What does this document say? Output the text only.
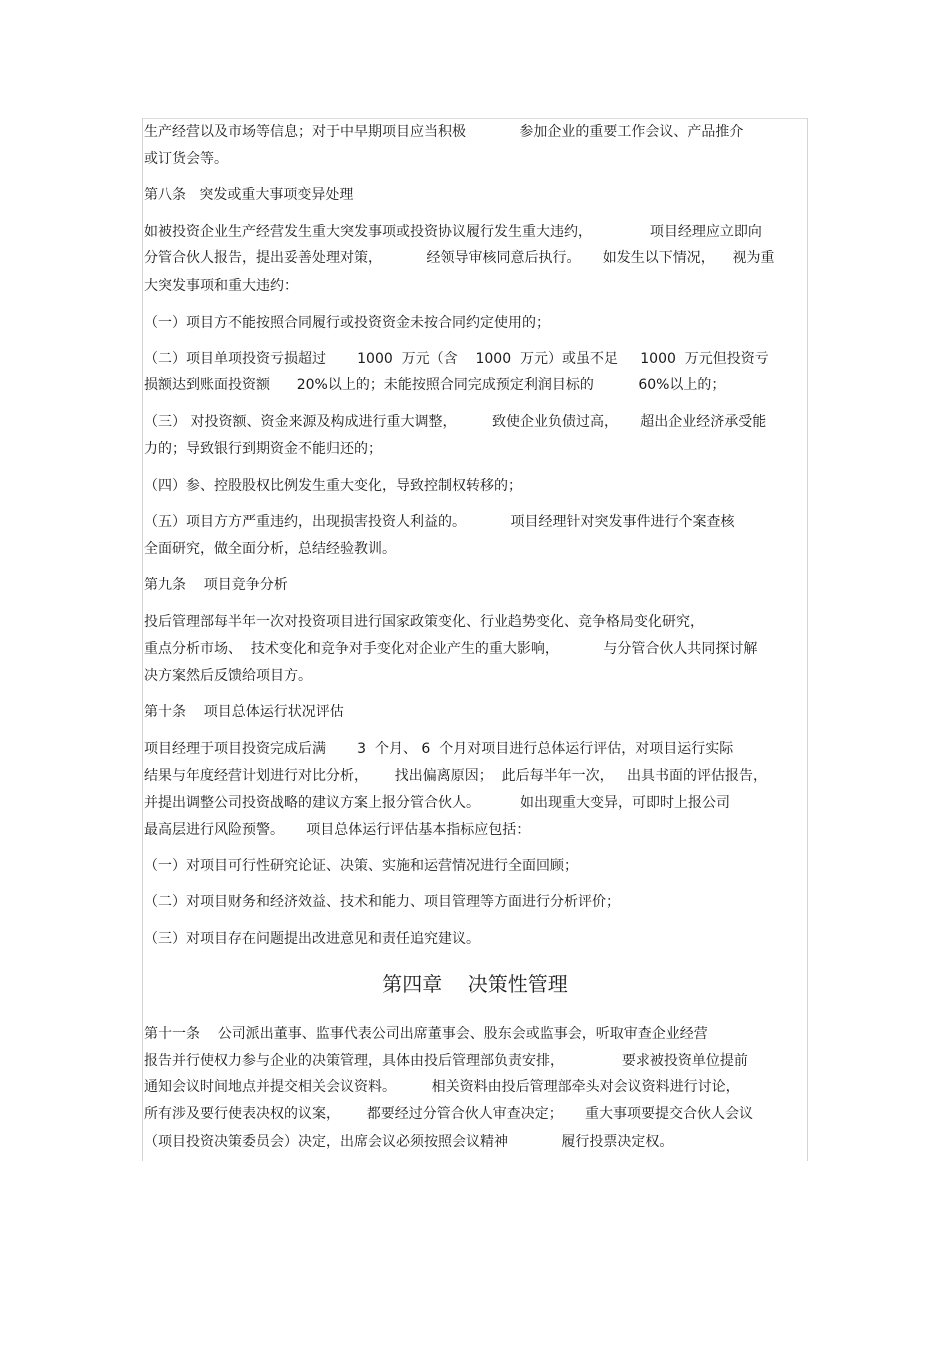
生产经营以及市场等信息；对于中早期项目应当积极            参加企业的重要工作会议、产品推介
或订货会等。
第八条   突发或重大事项变异处理
如被投资企业生产经营发生重大突发事项或投资协议履行发生重大违约，             项目经理应立即向
分管合伙人报告，提出妥善处理对策，          经领导审核同意后执行。     如发生以下情况，    视为重
大突发事项和重大违约：
（一）项目方不能按照合同履行或投资资金未按合同约定使用的；
（二）项目单项投资亏损超过       1000  万元（含    1000  万元）或虽不足     1000  万元但投资亏
损额达到账面投资额      20%以上的；未能按照合同完成预定利润目标的          60%以上的；
（三） 对投资额、资金来源及构成进行重大调整，        致使企业负债过高，     超出企业经济承受能
力的；导致银行到期资金不能归还的；
（四）参、控股股权比例发生重大变化，导致控制权转移的；
（五）项目方方严重违约，出现损害投资人利益的。          项目经理针对突发事件进行个案查核
全面研究，做全面分析，总结经验教训。
第九条    项目竞争分析
投后管理部每半年一次对投资项目进行国家政策变化、行业趋势变化、竞争格局变化研究，
重点分析市场、  技术变化和竞争对手变化对企业产生的重大影响，          与分管合伙人共同探讨解
决方案然后反馈给项目方。
第十条    项目总体运行状况评估
项目经理于项目投资完成后满       3  个月、 6  个月对项目进行总体运行评估，对项目运行实际
结果与年度经营计划进行对比分析，      找出偏离原因；  此后每半年一次，   出具书面的评估报告，
并提出调整公司投资战略的建议方案上报分管合伙人。         如出现重大变异，可即时上报公司
最高层进行风险预警。     项目总体运行评估基本指标应包括：
（一）对项目可行性研究论证、决策、实施和运营情况进行全面回顾；
（二）对项目财务和经济效益、技术和能力、项目管理等方面进行分析评价；
（三）对项目存在问题提出改进意见和责任追究建议。
第四章    决策性管理
第十一条    公司派出董事、监事代表公司出席董事会、股东会或监事会，听取审查企业经营
报告并行使权力参与企业的决策管理，具体由投后管理部负责安排，             要求被投资单位提前
通知会议时间地点并提交相关会议资料。        相关资料由投后管理部牵头对会议资料进行讨论，
所有涉及要行使表决权的议案，      都要经过分管合伙人审查决定；     重大事项要提交合伙人会议
（项目投资决策委员会）决定，出席会议必须按照会议精神            履行投票决定权。
